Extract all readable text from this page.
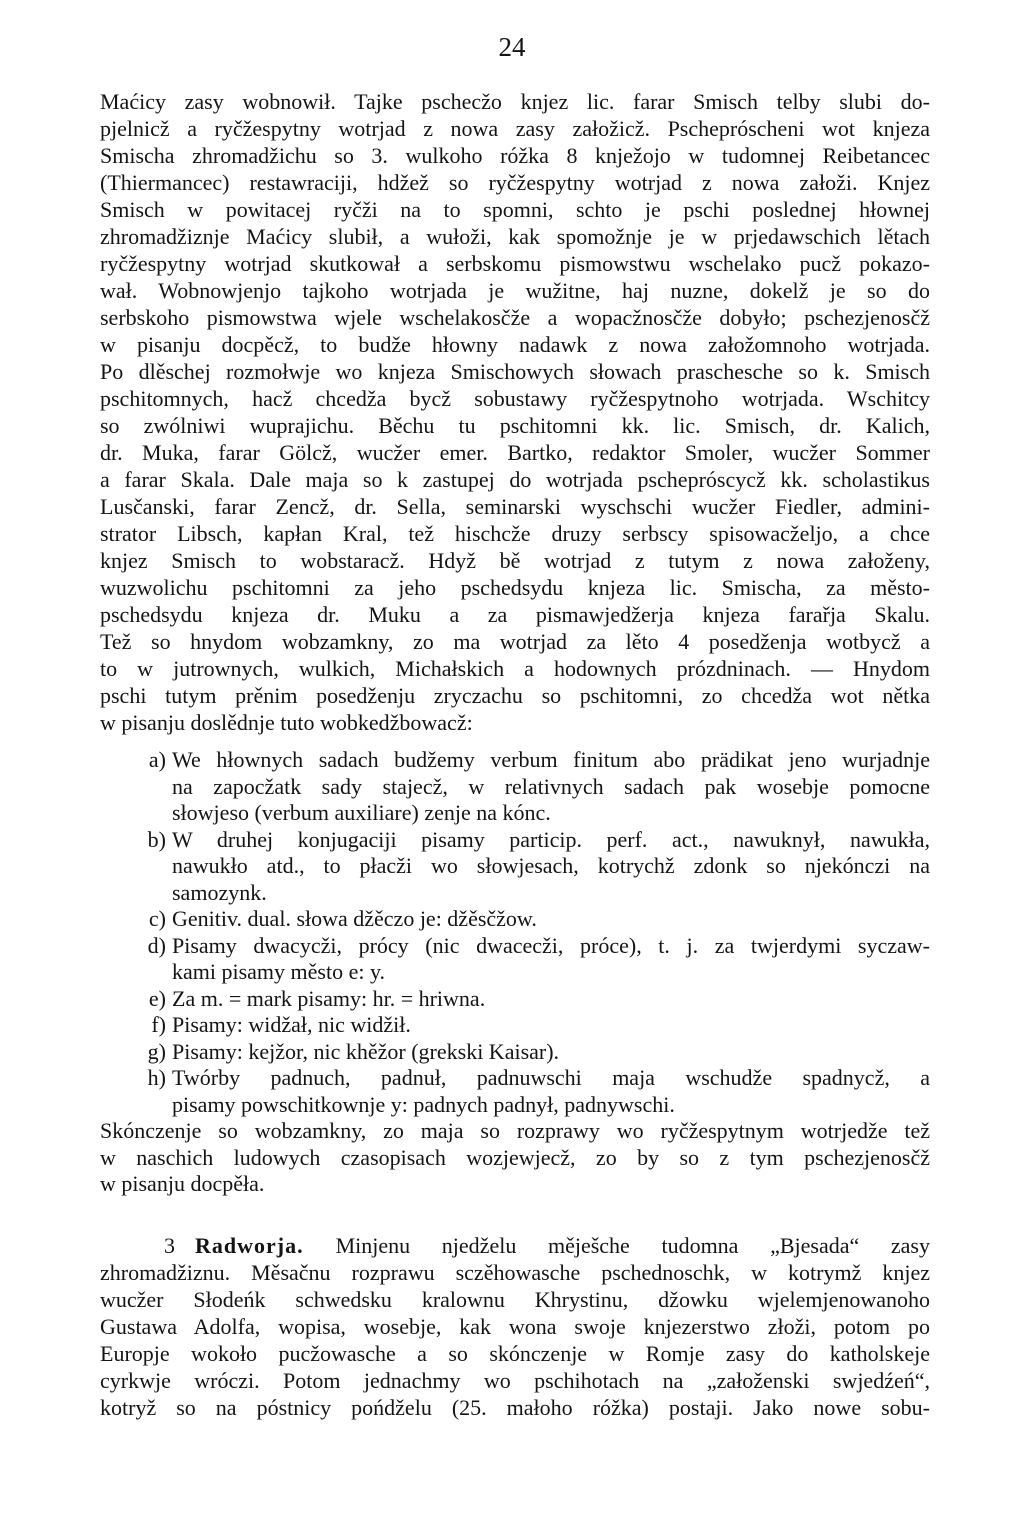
24
Maćicy zasy wobnowił. Tajke pschecžo knjez lic. farar Smisch telby slubi do-
pjelnicž a ryčžespytny wotrjad z nowa zasy załožicž. Pschepróscheni wot knjeza
Smischa zhromadžichu so 3. wulkoho róžka 8 knježojo w tudomnej Reibetancec
(Thiermancec) restawraciji, hdžež so ryčžespytny wotrjad z nowa załoži. Knjez
Smisch w powitacej ryčži na to spomni, schto je pschi poslednej hłownej
zhromadžiznje Maćicy slubił, a wułoži, kak spomožnje je w prjedawschich lětach
ryčžespytny wotrjad skutkował a serbskomu pismowstwu wschelako pucž pokazo-
wał. Wobnowjenjo tajkoho wotrjada je wužitne, haj nuzne, dokelž je so do
serbskoho pismowstwa wjele wschelakosčže a wopacžnosčže dobyło; pschezjenosčž
w pisanju docpěcž, to budže hłowny nadawk z nowa załožomnoho wotrjada.
Po dlěschej rozmołwje wo knjeza Smischowych słowach praschesche so k. Smisch
pschitomnych, hacž chcedža bycž sobustawy ryčžespytnoho wotrjada. Wschitcy
so zwólniwi wuprajichu. Běchu tu pschitomni kk. lic. Smisch, dr. Kalich,
dr. Muka, farar Gölcž, wucžer emer. Bartko, redaktor Smoler, wucžer Sommer
a farar Skala. Dale maja so k zastupej do wotrjada pschepróscycž kk. scholastikus
Lusčanski, farar Zencž, dr. Sella, seminarski wyschschi wucžer Fiedler, admini-
strator Libsch, kapłan Kral, tež hischcže druzy serbscy spisowacželjo, a chce
knjez Smisch to wobstaracž. Hdyž bě wotrjad z tutym z nowa załoženy,
wuzwolichu pschitomni za jeho pschedsydu knjeza lic. Smischa, za město-
pschedsydu knjeza dr. Muku a za pismawjedžerja knjeza farařja Skalu.
Tež so hnydom wobzamkny, zo ma wotrjad za lěto 4 posedženja wotbycž a
to w jutrownych, wulkich, Michałskich a hodownych prózdninach. — Hnydom
pschi tutym prěnim posedženju zryczachu so pschitomni, zo chcedža wot nětka
w pisanju doslědnje tuto wobkedžbowacž:
a) We hłownych sadach budžemy verbum finitum abo prädikat jeno wurjadnje
na zapocžatk sady stajecž, w relativnych sadach pak wosebje pomocne
słowjeso (verbum auxiliare) zenje na kónc.
b) W druhej konjugaciji pisamy particip. perf. act., nawuknył, nawukła,
nawukło atd., to płacži wo słowjesach, kotrychž zdonk so njekónczi na
samozynk.
c) Genitiv. dual. słowa džěczo je: džěsčžow.
d) Pisamy dwacycži, prócy (nic dwacecži, próce), t. j. za twjerdymi syczaw-
kami pisamy město e: y.
e) Za m. = mark pisamy: hr. = hriwna.
f) Pisamy: widžał, nic widžił.
g) Pisamy: kejžor, nic khěžor (grekski Kaisar).
h) Twórby padnuch, padnuł, padnuwschi maja wschudže spadnycž, a
pisamy powschitkownje y: padnych padnył, padnywschi.
Skónczenje so wobzamkny, zo maja so rozprawy wo ryčžespytnym wotrjedže tež
w naschich ludowych czasopisach wozjewjecž, zo by so z tym pschezjenosčž
w pisanju docpěła.
3 Radworja. Minjenu njedželu měješche tudomna „Bjesada“ zasy
zhromadžiznu. Měsačnu rozprawu sczěhowasche pschednoschk, w kotrymž knjez
wucžer Słodeńk schwedsku kralownu Khrystinu, džowku wjelemjenowanoho
Gustawa Adolfa, wopisa, wosebje, kak wona swoje knjezerstwo złoži, potom po
Europje wokoło pucžowasche a so skónczenje w Romje zasy do katholskeje
cyrkwje wróczi. Potom jednachmy wo pschihotach na „załoženski swjedźeń“,
kotryž so na póstnicy pońdželu (25. małoho róžka) postaji. Jako nowe sobu-
